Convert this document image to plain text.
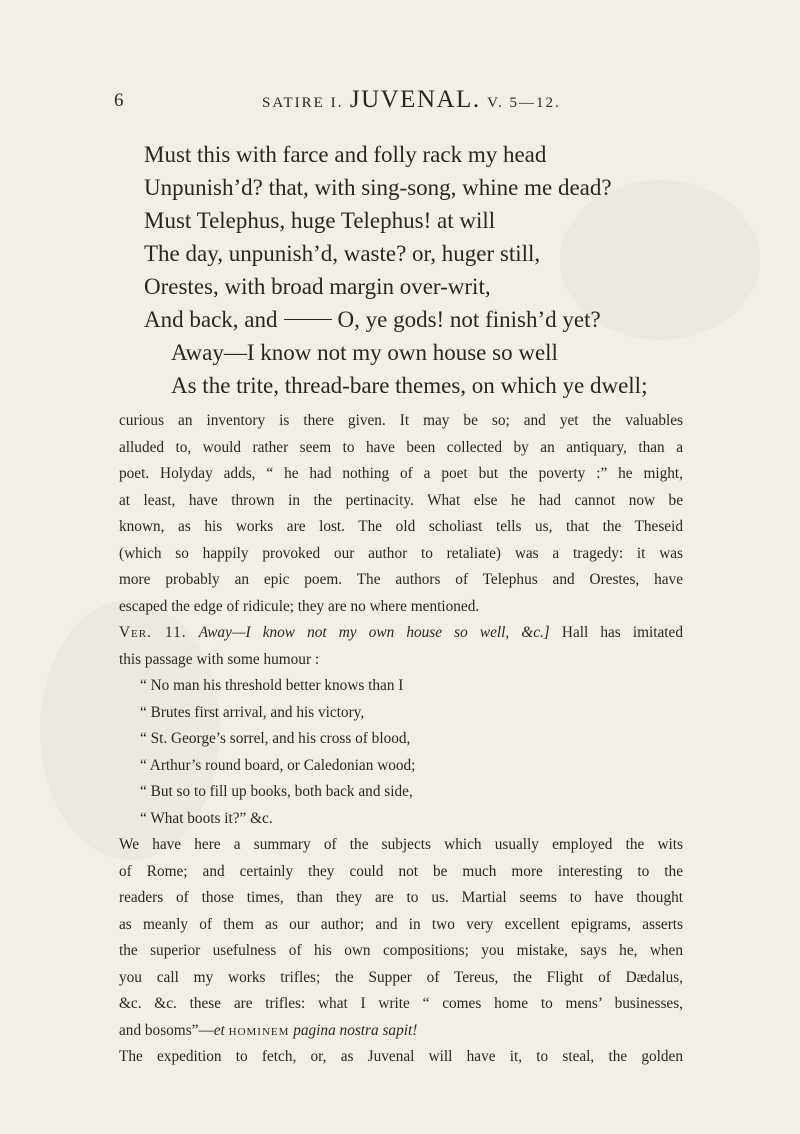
6	SATIRE I. JUVENAL. V. 5—12.
Must this with farce and folly rack my head
Unpunish’d? that, with sing-song, whine me dead?
Must Telephus, huge Telephus! at will
The day, unpunish’d, waste? or, huger still,
Orestes, with broad margin over-writ,
And back, and	O, ye gods! not finish’d yet?
Away—I know not my own house so well
As the trite, thread-bare themes, on which ye dwell;
curious an inventory is there given. It may be so; and yet the valuables
alluded to, would rather seem to have been collected by an antiquary, than a
poet. Holyday adds, “ he had nothing of a poet but the poverty :” he might,
at least, have thrown in the pertinacity. What else he had cannot now be
known, as his works are lost. The old scholiast tells us, that the Theseid
(which so happily provoked our author to retaliate) was a tragedy: it was
more probably an epic poem. The authors of Telephus and Orestes, have
escaped the edge of ridicule; they are no where mentioned.
Ver. 11. Away—I know not my own house so well, &c.] Hall has imitated
this passage with some humour :
“ No man his threshold better knows than I
“ Brutes first arrival, and his victory,
“ St. George’s sorrel, and his cross of blood,
“ Arthur’s round board, or Caledonian wood;
“ But so to fill up books, both back and side,
“ What boots it?” &c.
We have here a summary of the subjects which usually employed the wits
of Rome; and certainly they could not be much more interesting to the
readers of those times, than they are to us. Martial seems to have thought
as meanly of them as our author; and in two very excellent epigrams, asserts
the superior usefulness of his own compositions; you mistake, says he, when
you call my works trifles; the Supper of Tereus, the Flight of Dædalus,
&c. &c. these are trifles: what I write “ comes home to mens’ businesses,
and bosoms”—et hominem pagina nostra sapit!
The expedition to fetch, or, as Juvenal will have it, to steal, the golden
